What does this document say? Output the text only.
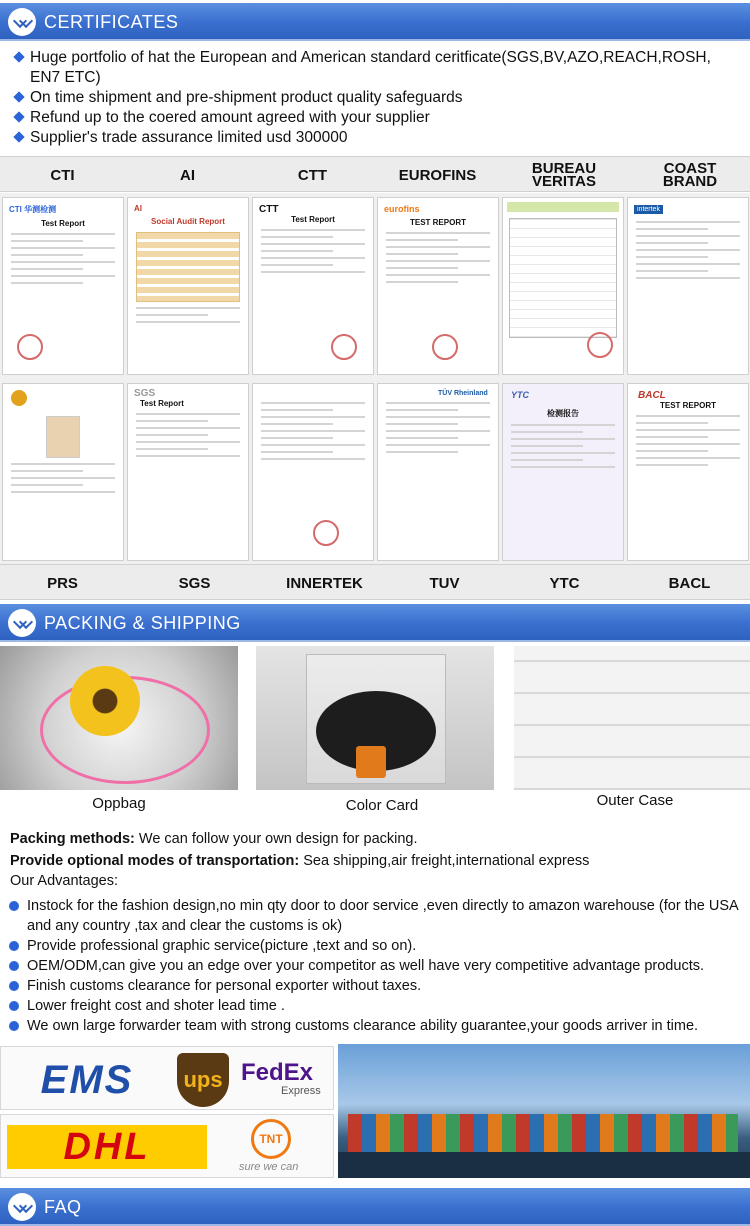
CERTIFICATES
Huge portfolio of hat the European and American standard ceritficate(SGS,BV,AZO,REACH,ROSH, EN7 ETC)
On time shipment and pre-shipment product quality safeguards
Refund up to the coered amount agreed with your supplier
Supplier's trade assurance limited usd 300000
CTI	AI	CTT	EUROFINS	BUREAU VERITAS
COAST BRAND
CTI 华测检测
Test Report
AI
Social Audit Report
CTT
Test Report
eurofins
TEST REPORT
intertek
SGS
Test Report
TÜV Rheinland	YTC
检测报告
BACL
TEST REPORT
PRS	SGS	INNERTEK	TUV	YTC	BACL
PACKING & SHIPPING
Oppbag	Color Card	Outer Case
Packing methods: We can follow your own design for packing.
Provide optional modes of transportation: Sea shipping,air freight,international express
Our Advantages:
Instock for the fashion design,no min qty door to door service ,even directly to amazon warehouse (for the USA and any country ,tax and clear the customs is ok)
Provide professional graphic service(picture ,text and so on).
OEM/ODM,can give you an edge over your competitor as well have very competitive advantage products.
Finish customs clearance for personal exporter without taxes.
Lower freight cost and shoter lead time .
We own large forwarder team with strong customs clearance ability guarantee,your goods arriver in time.
EMS	ups FedEx
Express
DHL	TNT
sure we can
FAQ
